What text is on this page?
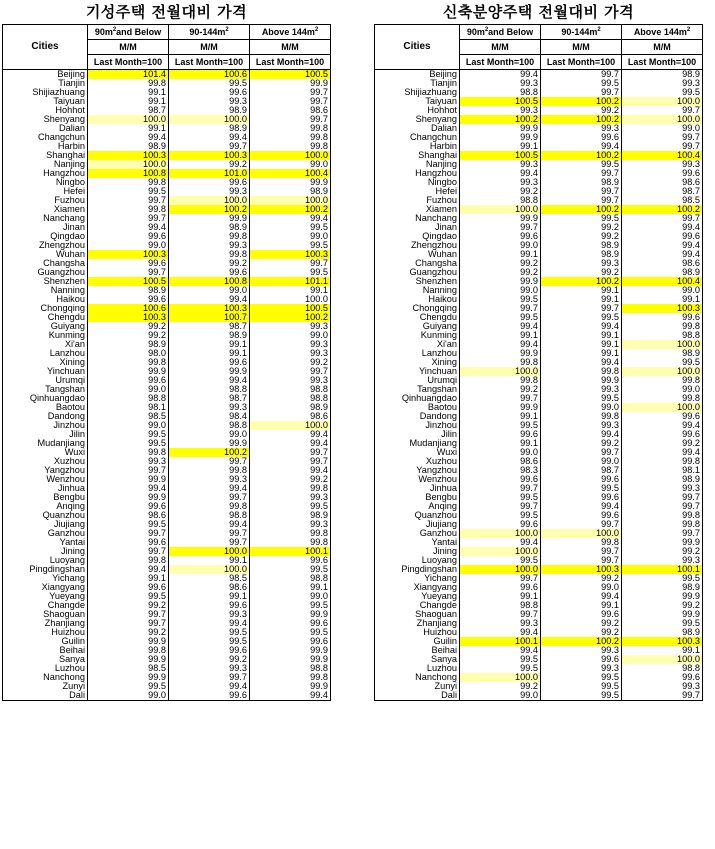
기성주택 전월대비 가격
Cities	$90m^2and$ Below	$90-144m^2$	Above $144m^2$
	M/M	M/M	M/M
	Last Month=100	Last Month=100	Last Month=100
Beijing	101.4	100.6	100.5
Tianjin	99.8	99.5	99.9
Shijiazhuang	99.1	99.6	99.7
Taiyuan	99.1	99.3	99.7
Hohhot	98.7	98.9	98.6
Shenyang	100.0	100.0	99.7
Dalian	99.1	98.9	99.8
Changchun	99.4	99.4	99.8
Harbin	98.9	99.7	99.8
Shanghai	100.3	100.3	100.0
Nanjing	100.0	99.2	99.0
Hangzhou	100.8	101.0	100.4
Ningbo	99.8	99.6	99.9
Hefei	99.5	99.3	98.9
Fuzhou	99.7	100.0	100.0
Xiamen	99.8	100.2	100.2
Nanchang	99.7	99.9	99.4
Jinan	99.4	98.9	99.5
Qingdao	99.6	99.8	99.0
Zhengzhou	99.0	99.3	99.5
Wuhan	100.3	99.8	100.3
Changsha	99.6	99.2	99.7
Guangzhou	99.7	99.6	99.5
Shenzhen	100.5	100.8	101.1
Nanning	98.9	99.0	99.1
Haikou	99.6	99.4	100.0
Chongqing	100.6	100.3	100.5
Chengdu	100.3	100.7	100.2
Guiyang	99.2	98.7	99.3
Kunming	99.2	98.9	99.0
Xi'an	98.9	99.1	99.3
Lanzhou	98.0	99.1	99.3
Xining	99.8	99.6	99.2
Yinchuan	99.9	99.9	99.7
Urumqi	99.6	99.4	99.3
Tangshan	99.0	98.8	98.8
Qinhuangdao	98.8	98.7	98.8
Baotou	98.1	99.3	98.9
Dandong	98.5	98.4	98.6
Jinzhou	99.0	98.8	100.0
Jilin	99.5	99.0	99.4
Mudanjiang	99.5	99.9	99.4
Wuxi	99.8	100.2	99.7
Xuzhou	99.3	99.7	99.7
Yangzhou	99.7	99.8	99.4
Wenzhou	99.9	99.3	99.2
Jinhua	99.4	99.4	99.8
Bengbu	99.9	99.7	99.3
Anqing	99.6	99.8	99.5
Quanzhou	98.6	98.8	98.9
Jiujiang	99.5	99.4	99.3
Ganzhou	99.7	99.7	99.8
Yantai	99.6	99.7	99.8
Jining	99.7	100.0	100.1
Luoyang	99.8	99.1	99.6
Pingdingshan	99.4	100.0	99.5
Yichang	99.1	98.5	98.8
Xiangyang	99.6	98.6	99.1
Yueyang	99.5	99.1	99.0
Changde	99.2	99.6	99.5
Shaoguan	99.7	99.3	99.9
Zhanjiang	99.7	99.4	99.6
Huizhou	99.2	99.5	99.5
Guilin	99.9	99.5	99.6
Beihai	99.8	99.6	99.9
Sanya	99.9	99.2	99.9
Luzhou	98.5	99.3	98.8
Nanchong	99.9	99.7	99.8
Zunyi	99.5	99.4	99.9
Dali	99.0	99.6	99.4
신축분양주택 전월대비 가격
Cities	$90m^2and$ Below	$90-144m^2$	Above $144m^2$
	M/M	M/M	M/M
	Last Month=100	Last Month=100	Last Month=100
Beijing	99.4	99.7	98.9
Tianjin	99.3	99.5	99.3
Shijiazhuang	98.8	99.7	99.5
Taiyuan	100.5	100.2	100.0
Hohhot	99.3	99.2	99.7
Shenyang	100.2	100.2	100.0
Dalian	99.9	99.3	99.0
Changchun	99.9	99.6	99.7
Harbin	99.1	99.4	99.7
Shanghai	100.5	100.2	100.4
Nanjing	99.3	99.5	99.3
Hangzhou	99.4	99.7	99.6
Ningbo	99.3	98.9	98.6
Hefei	99.2	99.7	98.7
Fuzhou	98.8	99.7	98.5
Xiamen	100.0	100.2	100.2
Nanchang	99.9	99.5	99.7
Jinan	99.7	99.2	99.4
Qingdao	99.6	99.2	99.6
Zhengzhou	99.0	98.9	99.4
Wuhan	99.1	98.9	99.4
Changsha	99.2	99.3	98.6
Guangzhou	99.2	99.2	98.9
Shenzhen	99.9	100.2	100.4
Nanning	99.0	99.1	99.0
Haikou	99.5	99.1	99.1
Chongqing	99.7	99.7	100.3
Chengdu	99.5	99.5	99.6
Guiyang	99.4	99.4	99.8
Kunming	99.1	99.1	98.8
Xi'an	99.4	99.1	100.0
Lanzhou	99.9	99.1	98.9
Xining	99.8	99.4	99.5
Yinchuan	100.0	99.8	100.0
Urumqi	99.8	99.9	99.8
Tangshan	99.2	99.3	99.0
Qinhuangdao	99.7	99.5	99.8
Baotou	99.9	99.0	100.0
Dandong	99.1	99.8	99.6
Jinzhou	99.5	99.3	99.4
Jilin	99.6	99.4	99.6
Mudanjiang	99.1	99.2	99.2
Wuxi	99.0	99.7	99.4
Xuzhou	98.6	99.0	99.8
Yangzhou	98.3	98.7	98.1
Wenzhou	99.6	99.6	98.9
Jinhua	99.7	99.5	99.3
Bengbu	99.5	99.6	99.7
Anqing	99.7	99.4	99.7
Quanzhou	99.5	99.6	99.8
Jiujiang	99.6	99.7	99.8
Ganzhou	100.0	100.0	99.7
Yantai	99.4	99.8	99.9
Jining	100.0	99.7	99.2
Luoyang	99.5	99.7	99.3
Pingdingshan	100.0	100.3	100.1
Yichang	99.7	99.2	99.5
Xiangyang	99.6	99.0	98.9
Yueyang	99.1	99.4	99.9
Changde	98.8	99.1	99.2
Shaoguan	99.7	99.6	99.9
Zhanjiang	99.3	99.2	99.5
Huizhou	99.4	99.2	98.9
Guilin	100.1	100.2	100.3
Beihai	99.4	99.3	99.1
Sanya	99.5	99.6	100.0
Luzhou	99.5	99.3	98.8
Nanchong	100.0	99.5	99.6
Zunyi	99.2	99.5	99.3
Dali	99.0	99.5	99.7
